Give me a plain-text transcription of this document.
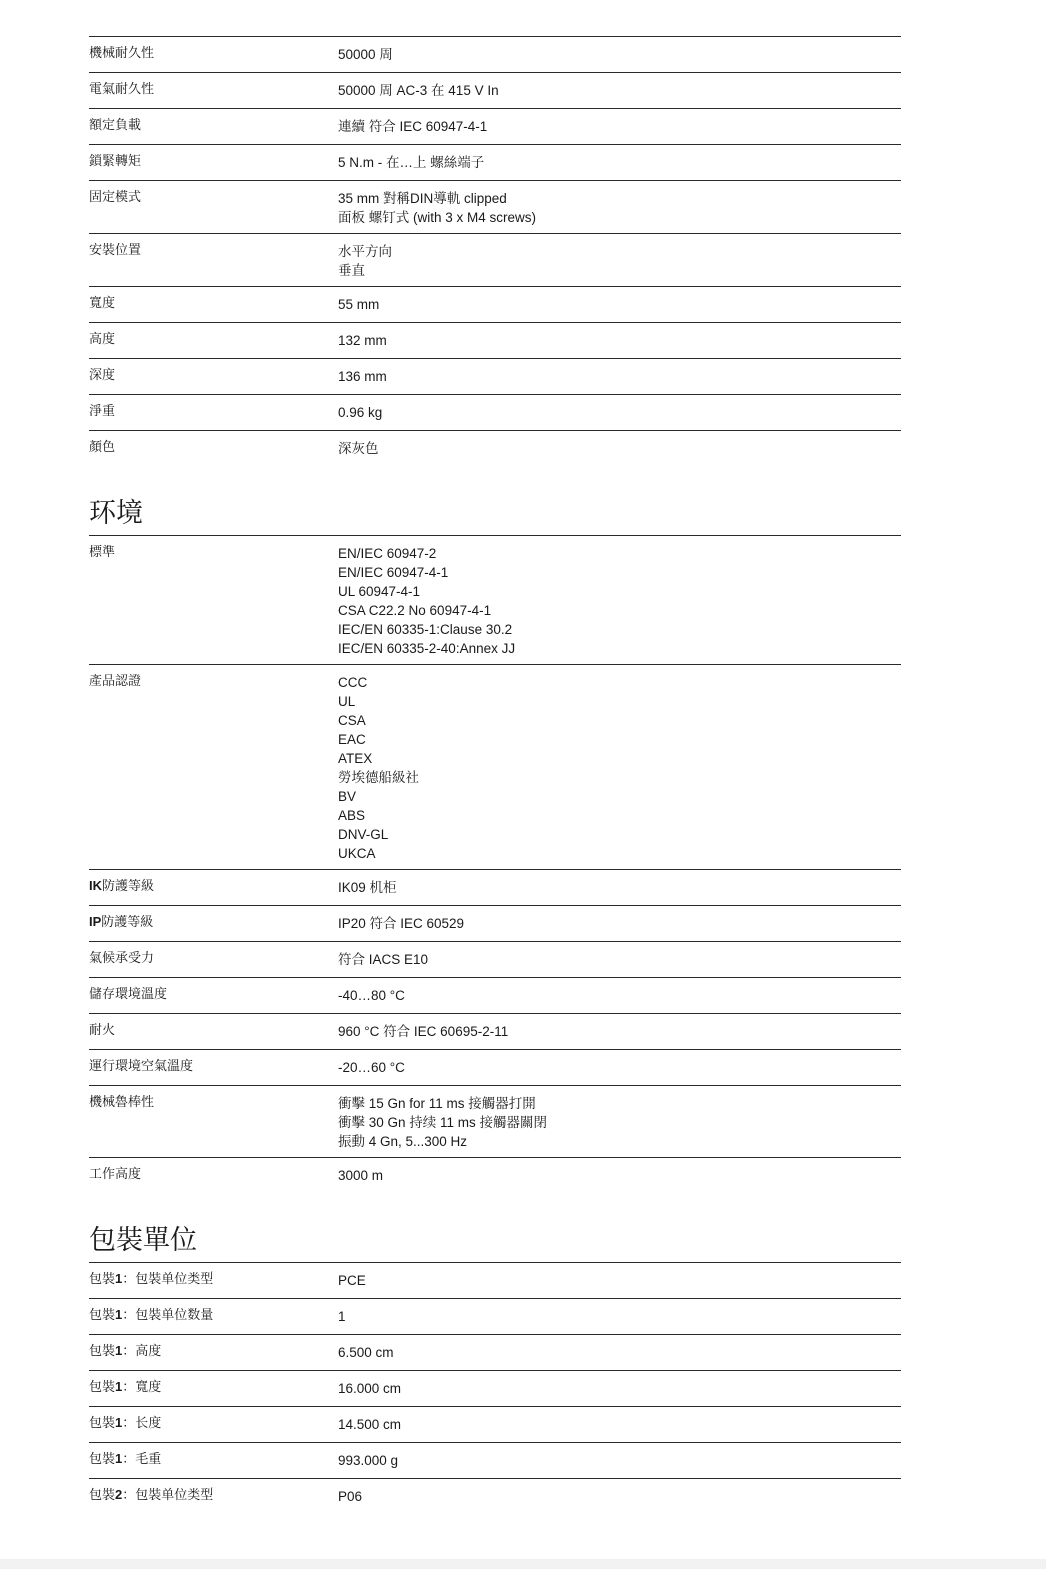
機械耐久性	50000 周
電氣耐久性	50000 周 AC-3 在 415 V In
額定負載	連續 符合 IEC 60947-4-1
鎖緊轉矩	5 N.m - 在…上 螺絲端子
固定模式	35 mm 對稱DIN導軌 clipped
面板 螺钉式 (with 3 x M4 screws)
安裝位置	水平方向
垂直
寬度	55 mm
高度	132 mm
深度	136 mm
淨重	0.96 kg
顏色	深灰色
环境
標準	EN/IEC 60947-2
EN/IEC 60947-4-1
UL 60947-4-1
CSA C22.2 No 60947-4-1
IEC/EN 60335-1:Clause 30.2
IEC/EN 60335-2-40:Annex JJ
產品認證	CCC
UL
CSA
EAC
ATEX
勞埃德船級社
BV
ABS
DNV-GL
UKCA
IK防護等級	IK09 机柜
IP防護等級	IP20 符合 IEC 60529
氣候承受力	符合 IACS E10
儲存環境溫度	-40…80 °C
耐火	960 °C 符合 IEC 60695-2-11
運行環境空氣溫度	-20…60 °C
機械魯棒性	衝擊 15 Gn for 11 ms 接觸器打開
衝擊 30 Gn 持续 11 ms 接觸器關閉
振動 4 Gn, 5...300 Hz
工作高度	3000 m
包裝單位
包裝1：包裝单位类型	PCE
包裝1：包裝单位数量	1
包裝1：高度	6.500 cm
包裝1：寬度	16.000 cm
包裝1：长度	14.500 cm
包裝1：毛重	993.000 g
包裝2：包裝单位类型	P06
